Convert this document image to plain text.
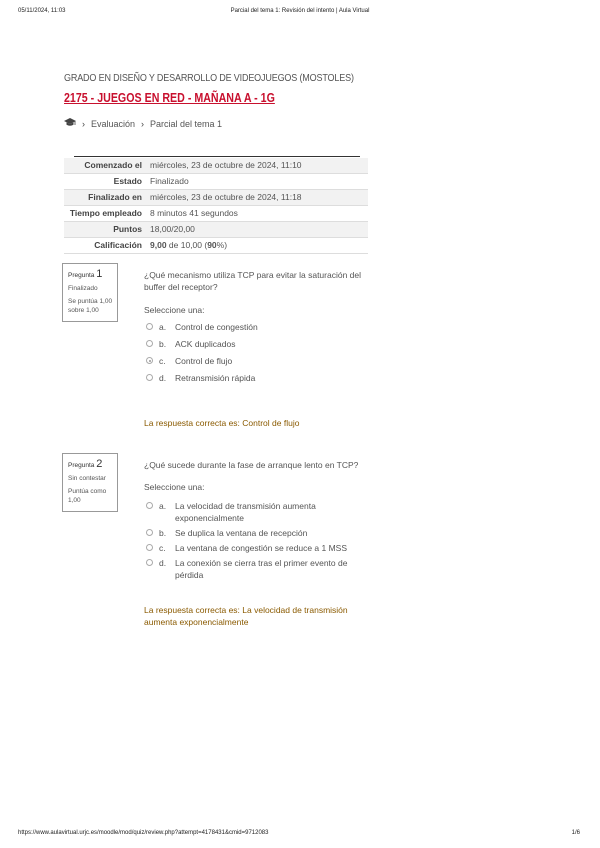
05/11/2024, 11:03	Parcial del tema 1: Revisión del intento | Aula Virtual
GRADO EN DISEÑO Y DESARROLLO DE VIDEOJUEGOS (MOSTOLES)
2175 - JUEGOS EN RED - MAÑANA A - 1G
› Evaluación › Parcial del tema 1
Comenzado el	miércoles, 23 de octubre de 2024, 11:10
Estado	Finalizado
Finalizado en	miércoles, 23 de octubre de 2024, 11:18
Tiempo empleado	8 minutos 41 segundos
Puntos	18,00/20,00
Calificación	9,00 de 10,00 (90%)
Pregunta 1
Finalizado
Se puntúa 1,00 sobre 1,00
¿Qué mecanismo utiliza TCP para evitar la saturación del buffer del receptor?
Seleccione una:
a.	Control de congestión
b.	ACK duplicados
c.	Control de flujo
d.	Retransmisión rápida
La respuesta correcta es: Control de flujo
Pregunta 2
Sin contestar
Puntúa como 1,00
¿Qué sucede durante la fase de arranque lento en TCP?
Seleccione una:
a.	La velocidad de transmisión aumenta exponencialmente
b.	Se duplica la ventana de recepción
c.	La ventana de congestión se reduce a 1 MSS
d.	La conexión se cierra tras el primer evento de pérdida
La respuesta correcta es: La velocidad de transmisión aumenta exponencialmente
https://www.aulavirtual.urjc.es/moodle/mod/quiz/review.php?attempt=4178431&cmid=9712083	1/6
